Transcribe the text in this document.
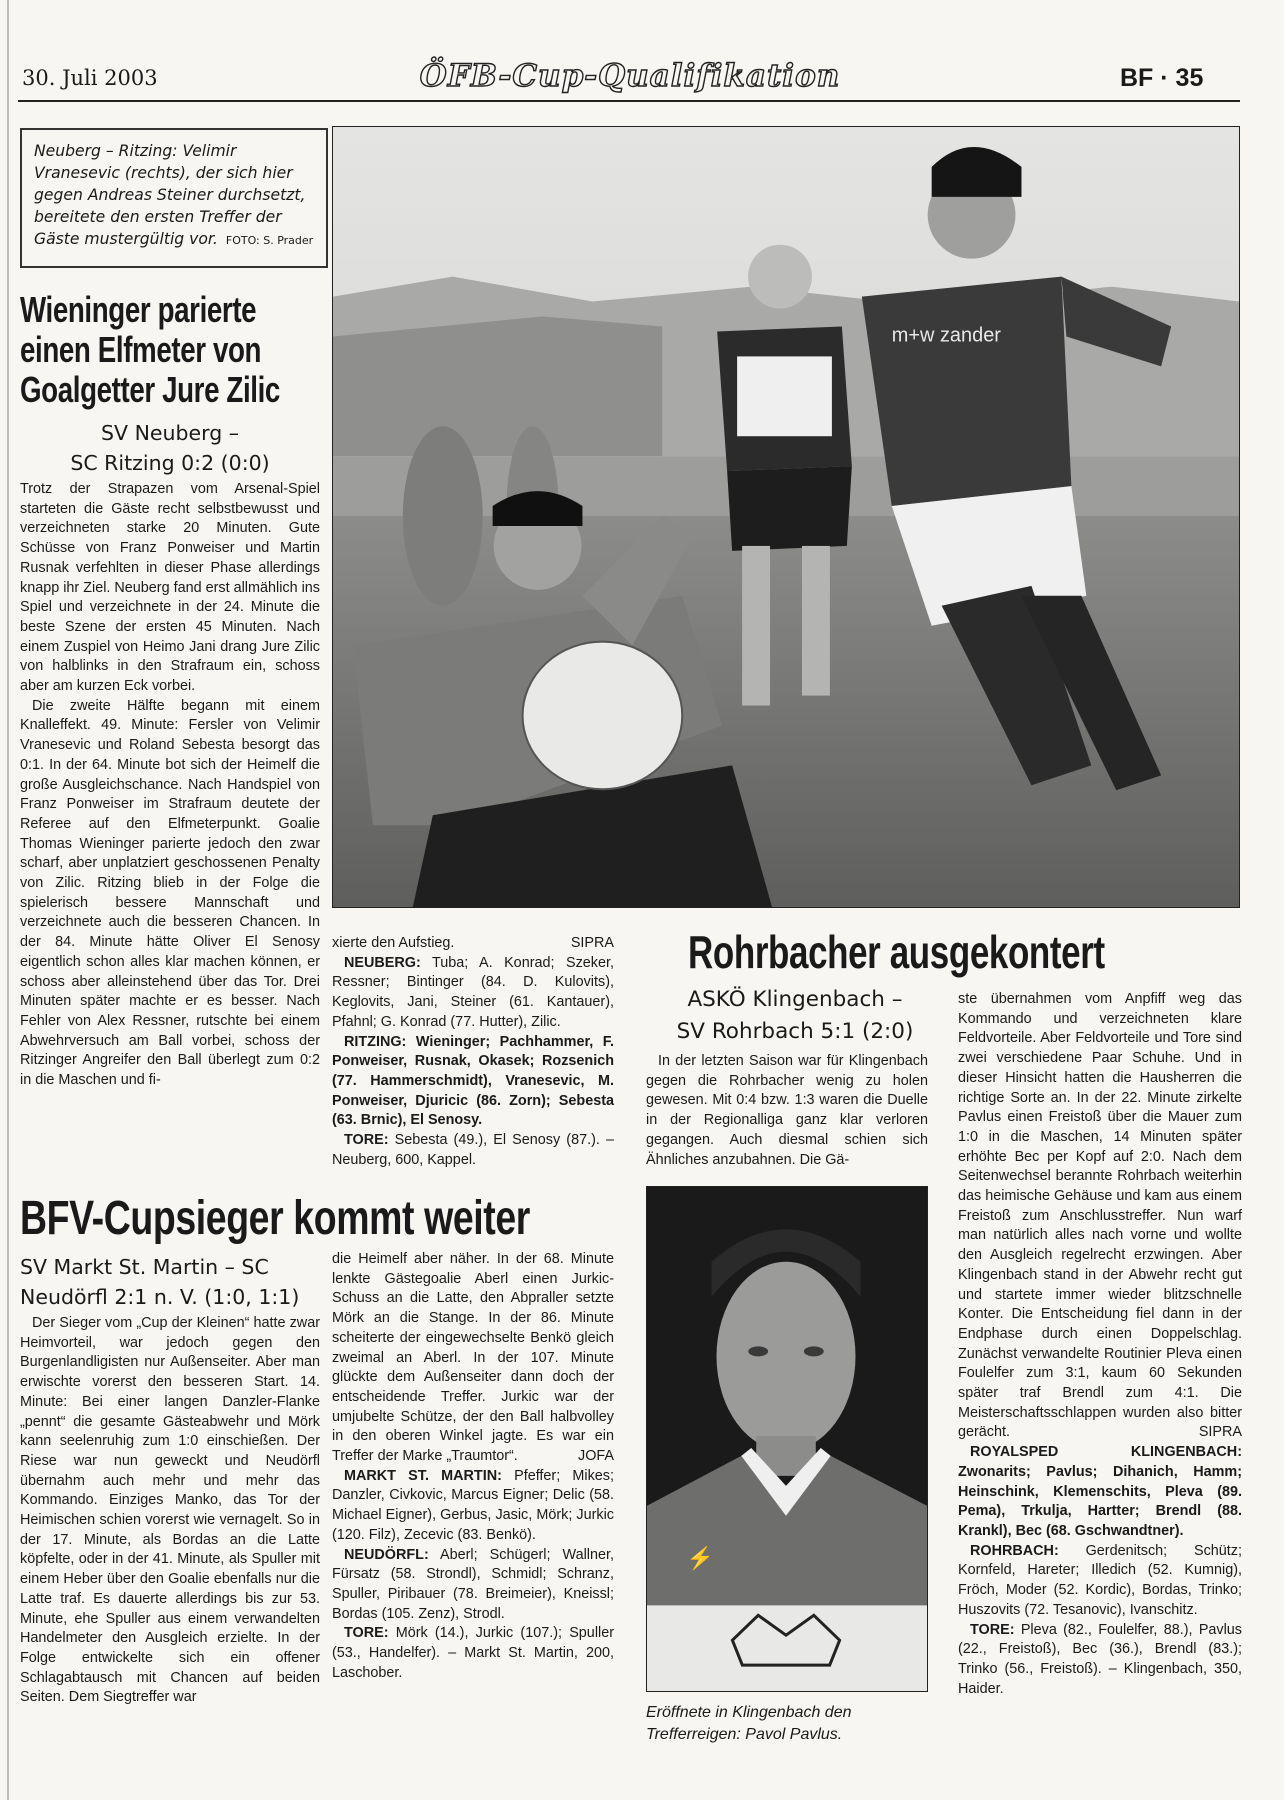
30. Juli 2003	ÖFB-Cup-Qualifikation	BF · 35
m+w zander
Neuberg – Ritzing: Velimir Vranesevic (rechts), der sich hier gegen Andreas Steiner durchsetzt, bereitete den ersten Treffer der Gäste mustergültig vor. FOTO: S. Prader
Wieninger parierte
einen Elfmeter von
Goalgetter Jure Zilic
SV Neuberg –
SC Ritzing 0:2 (0:0)

Trotz der Strapazen vom Arsenal-Spiel starteten die Gäste recht selbstbewusst und verzeichneten starke 20 Minuten. Gute Schüsse von Franz Ponweiser und Martin Rusnak verfehlten in dieser Phase allerdings knapp ihr Ziel. Neuberg fand erst allmählich ins Spiel und verzeichnete in der 24. Minute die beste Szene der ersten 45 Minuten. Nach einem Zuspiel von Heimo Jani drang Jure Zilic von halblinks in den Strafraum ein, schoss aber am kurzen Eck vorbei.

Die zweite Hälfte begann mit einem Knalleffekt. 49. Minute: Fersler von Velimir Vranesevic und Roland Sebesta besorgt das 0:1. In der 64. Minute bot sich der Heimelf die große Ausgleichschance. Nach Handspiel von Franz Ponweiser im Strafraum deutete der Referee auf den Elfmeterpunkt. Goalie Thomas Wieninger parierte jedoch den zwar scharf, aber unplatziert geschossenen Penalty von Zilic. Ritzing blieb in der Folge die spielerisch bessere Mannschaft und verzeichnete auch die besseren Chancen. In der 84. Minute hätte Oliver El Senosy eigentlich schon alles klar machen können, er schoss aber alleinstehend über das Tor. Drei Minuten später machte er es besser. Nach Fehler von Alex Ressner, rutschte bei einem Abwehrversuch am Ball vorbei, schoss der Ritzinger Angreifer den Ball überlegt zum 0:2 in die Maschen und fi-

xierte den Aufstieg.	SIPRA

NEUBERG: Tuba; A. Konrad; Szeker, Ressner; Bintinger (84. D. Kulovits), Keglovits, Jani, Steiner (61. Kantauer), Pfahnl; G. Konrad (77. Hutter), Zilic.

RITZING: Wieninger; Pachhammer, F. Ponweiser, Rusnak, Okasek; Rozsenich (77. Hammerschmidt), Vranesevic, M. Ponweiser, Djuricic (86. Zorn); Sebesta (63. Brnic), El Senosy.

TORE: Sebesta (49.), El Senosy (87.). – Neuberg, 600, Kappel.

Rohrbacher ausgekontert
ASKÖ Klingenbach –
SV Rohrbach 5:1 (2:0)

In der letzten Saison war für Klingenbach gegen die Rohrbacher wenig zu holen gewesen. Mit 0:4 bzw. 1:3 waren die Duelle in der Regionalliga ganz klar verloren gegangen. Auch diesmal schien sich Ähnliches anzubahnen. Die Gä-

ste übernahmen vom Anpfiff weg das Kommando und verzeichneten klare Feldvorteile. Aber Feldvorteile und Tore sind zwei verschiedene Paar Schuhe. Und in dieser Hinsicht hatten die Hausherren die richtige Sorte an. In der 22. Minute zirkelte Pavlus einen Freistoß über die Mauer zum 1:0 in die Maschen, 14 Minuten später erhöhte Bec per Kopf auf 2:0. Nach dem Seitenwechsel berannte Rohrbach weiterhin das heimische Gehäuse und kam aus einem Freistoß zum Anschlusstreffer. Nun warf man natürlich alles nach vorne und wollte den Ausgleich regelrecht erzwingen. Aber Klingenbach stand in der Abwehr recht gut und startete immer wieder blitzschnelle Konter. Die Entscheidung fiel dann in der Endphase durch einen Doppelschlag. Zunächst verwandelte Routinier Pleva einen Foulelfer zum 3:1, kaum 60 Sekunden später traf Brendl zum 4:1. Die Meisterschaftsschlappen wurden also bitter gerächt.	SIPRA

ROYALSPED KLINGENBACH: Zwonarits; Pavlus; Dihanich, Hamm; Heinschink, Klemenschits, Pleva (89. Pema), Trkulja, Hartter; Brendl (88. Krankl), Bec (68. Gschwandtner).

ROHRBACH: Gerdenitsch; Schütz; Kornfeld, Hareter; Illedich (52. Kumnig), Fröch, Moder (52. Kordic), Bordas, Trinko; Huszovits (72. Tesanovic), Ivanschitz.

TORE: Pleva (82., Foulelfer, 88.), Pavlus (22., Freistoß), Bec (36.), Brendl (83.); Trinko (56., Freistoß). – Klingenbach, 350, Haider.

⚡
Eröffnete in Klingenbach den Trefferreigen: Pavol Pavlus.
BFV-Cupsieger kommt weiter
SV Markt St. Martin – SC
Neudörfl 2:1 n. V. (1:0, 1:1)

Der Sieger vom „Cup der Kleinen“ hatte zwar Heimvorteil, war jedoch gegen den Burgenlandligisten nur Außenseiter. Aber man erwischte vorerst den besseren Start. 14. Minute: Bei einer langen Danzler-Flanke „pennt“ die gesamte Gästeabwehr und Mörk kann seelenruhig zum 1:0 einschießen. Der Riese war nun geweckt und Neudörfl übernahm auch mehr und mehr das Kommando. Einziges Manko, das Tor der Heimischen schien vorerst wie vernagelt. So in der 17. Minute, als Bordas an die Latte köpfelte, oder in der 41. Minute, als Spuller mit einem Heber über den Goalie ebenfalls nur die Latte traf. Es dauerte allerdings bis zur 53. Minute, ehe Spuller aus einem verwandelten Handelmeter den Ausgleich erzielte. In der Folge entwickelte sich ein offener Schlagabtausch mit Chancen auf beiden Seiten. Dem Siegtreffer war

die Heimelf aber näher. In der 68. Minute lenkte Gästegoalie Aberl einen Jurkic-Schuss an die Latte, den Abpraller setzte Mörk an die Stange. In der 86. Minute scheiterte der eingewechselte Benkö gleich zweimal an Aberl. In der 107. Minute glückte dem Außenseiter dann doch der entscheidende Treffer. Jurkic war der umjubelte Schütze, der den Ball halbvolley in den oberen Winkel jagte. Es war ein Treffer der Marke „Traumtor“.	JOFA

MARKT ST. MARTIN: Pfeffer; Mikes; Danzler, Civkovic, Marcus Eigner; Delic (58. Michael Eigner), Gerbus, Jasic, Mörk; Jurkic (120. Filz), Zecevic (83. Benkö).

NEUDÖRFL: Aberl; Schügerl; Wallner, Fürsatz (58. Strondl), Schmidl; Schranz, Spuller, Piribauer (78. Breimeier), Kneissl; Bordas (105. Zenz), Strodl.

TORE: Mörk (14.), Jurkic (107.); Spuller (53., Handelfer). – Markt St. Martin, 200, Laschober.
